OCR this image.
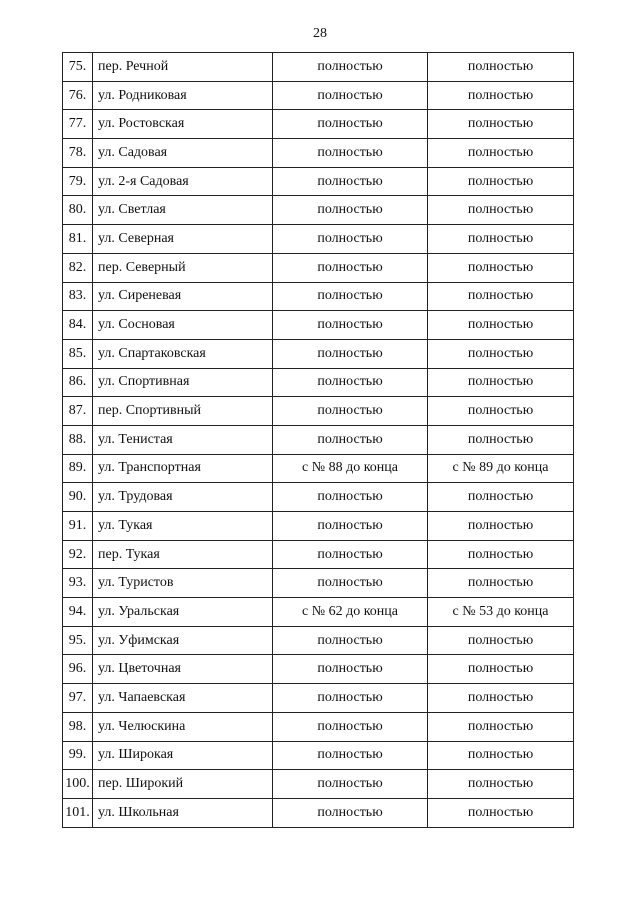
28
75.	пер. Речной	полностью	полностью
76.	ул. Родниковая	полностью	полностью
77.	ул. Ростовская	полностью	полностью
78.	ул. Садовая	полностью	полностью
79.	ул. 2-я Садовая	полностью	полностью
80.	ул. Светлая	полностью	полностью
81.	ул. Северная	полностью	полностью
82.	пер. Северный	полностью	полностью
83.	ул. Сиреневая	полностью	полностью
84.	ул. Сосновая	полностью	полностью
85.	ул. Спартаковская	полностью	полностью
86.	ул. Спортивная	полностью	полностью
87.	пер. Спортивный	полностью	полностью
88.	ул. Тенистая	полностью	полностью
89.	ул. Транспортная	с № 88 до конца	с № 89 до конца
90.	ул. Трудовая	полностью	полностью
91.	ул. Тукая	полностью	полностью
92.	пер. Тукая	полностью	полностью
93.	ул. Туристов	полностью	полностью
94.	ул. Уральская	с № 62 до конца	с № 53 до конца
95.	ул. Уфимская	полностью	полностью
96.	ул. Цветочная	полностью	полностью
97.	ул. Чапаевская	полностью	полностью
98.	ул. Челюскина	полностью	полностью
99.	ул. Широкая	полностью	полностью
100.	пер. Широкий	полностью	полностью
101.	ул. Школьная	полностью	полностью
